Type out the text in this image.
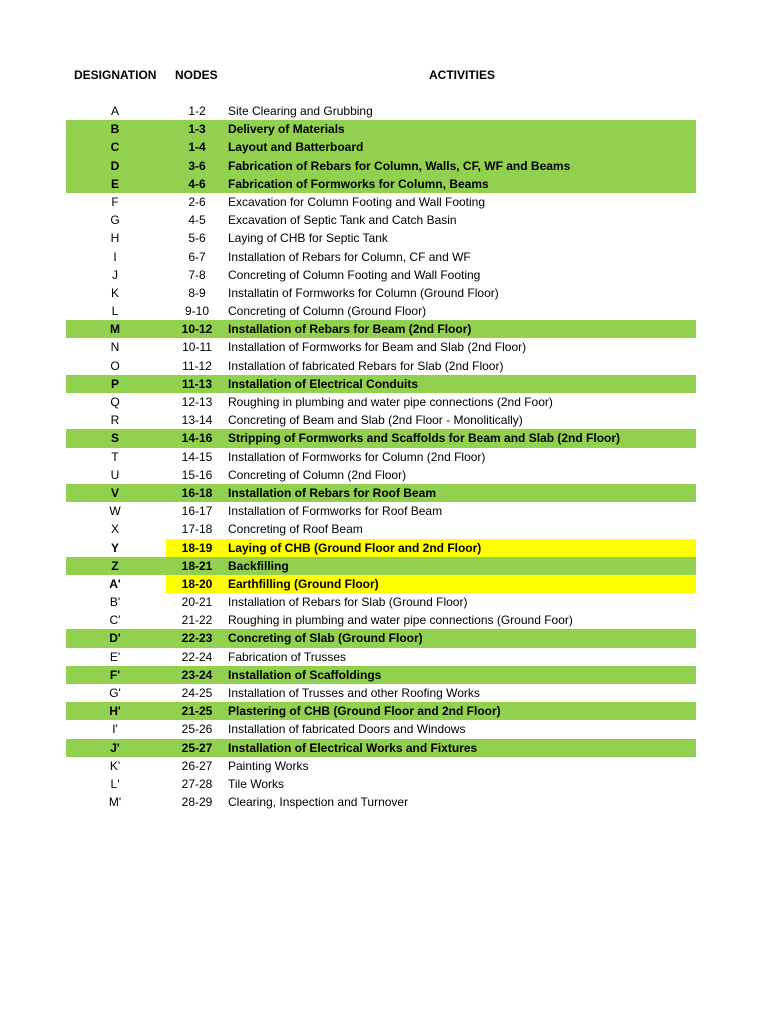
DESIGNATION NODES	ACTIVITIES
A	1-2	Site Clearing and Grubbing
B	1-3	Delivery of Materials
C	1-4	Layout and Batterboard
D	3-6	Fabrication of Rebars for Column, Walls, CF, WF and Beams
E	4-6	Fabrication of Formworks for Column, Beams
F	2-6	Excavation for Column Footing and Wall Footing
G	4-5	Excavation of Septic Tank and Catch Basin
H	5-6	Laying of CHB for Septic Tank
I	6-7	Installation of Rebars for Column, CF and WF
J	7-8	Concreting of Column Footing and Wall Footing
K	8-9	Installatin of Formworks for Column (Ground Floor)
L	9-10	Concreting of Column (Ground Floor)
M	10-12	Installation of Rebars for Beam (2nd Floor)
N	10-11	Installation of Formworks for Beam and Slab (2nd Floor)
O	11-12	Installation of fabricated Rebars for Slab (2nd Floor)
P	11-13	Installation of Electrical Conduits
Q	12-13	Roughing in plumbing and water pipe connections (2nd Foor)
R	13-14	Concreting of Beam and Slab (2nd Floor - Monolitically)
S	14-16	Stripping of Formworks and Scaffolds for Beam and Slab (2nd Floor)
T	14-15	Installation of Formworks for Column (2nd Floor)
U	15-16	Concreting of Column (2nd Floor)
V	16-18	Installation of Rebars for Roof Beam
W	16-17	Installation of Formworks for Roof Beam
X	17-18	Concreting of Roof Beam
Y	18-19	Laying of CHB (Ground Floor and 2nd Floor)
Z	18-21	Backfilling
A'	18-20	Earthfilling (Ground Floor)
B'	20-21	Installation of Rebars for Slab (Ground Floor)
C'	21-22	Roughing in plumbing and water pipe connections (Ground Foor)
D'	22-23	Concreting of Slab (Ground Floor)
E'	22-24	Fabrication of Trusses
F'	23-24	Installation of Scaffoldings
G'	24-25	Installation of Trusses and other Roofing Works
H'	21-25	Plastering of CHB (Ground Floor and 2nd Floor)
I'	25-26	Installation of fabricated Doors and Windows
J'	25-27	Installation of Electrical Works and Fixtures
K'	26-27	Painting Works
L'	27-28	Tile Works
M'	28-29	Clearing, Inspection and Turnover
